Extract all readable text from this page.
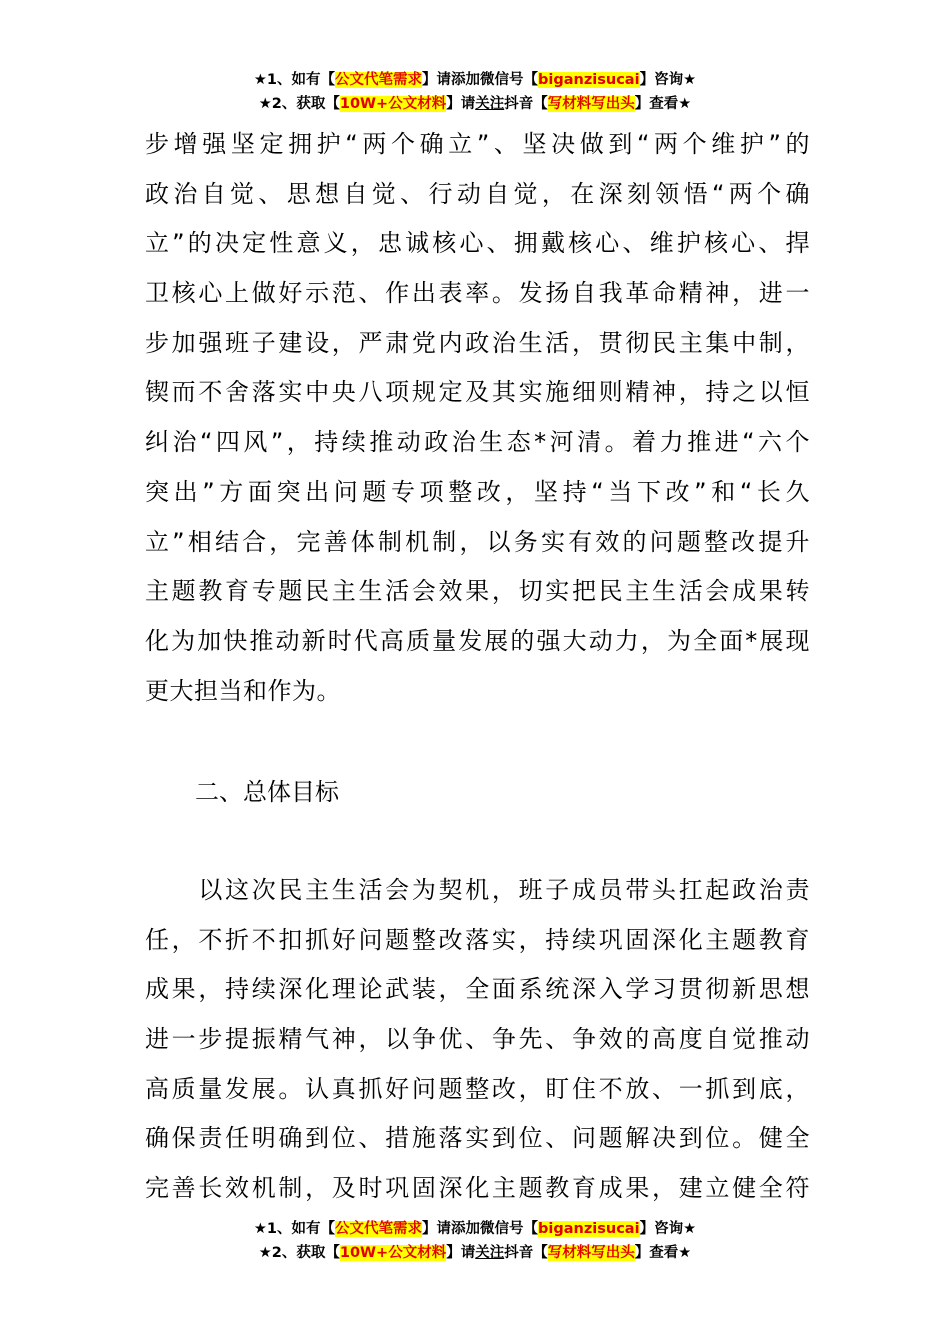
★1、如有【公文代笔需求】请添加微信号【biganzisucai】咨询★
★2、获取【10W+公文材料】请关注抖音【写材料写出头】查看★
步增强坚定拥护“两个确立”、坚决做到“两个维护”的
政治自觉、思想自觉、行动自觉，在深刻领悟“两个确
立”的决定性意义，忠诚核心、拥戴核心、维护核心、捍
卫核心上做好示范、作出表率。发扬自我革命精神，进一
步加强班子建设，严肃党内政治生活，贯彻民主集中制，
锲而不舍落实中央八项规定及其实施细则精神，持之以恒
纠治“四风”，持续推动政治生态*河清。着力推进“六个
突出”方面突出问题专项整改，坚持“当下改”和“长久
立”相结合，完善体制机制，以务实有效的问题整改提升
主题教育专题民主生活会效果，切实把民主生活会成果转
化为加快推动新时代高质量发展的强大动力，为全面*展现
更大担当和作为。
二、总体目标
　　以这次民主生活会为契机，班子成员带头扛起政治责
任，不折不扣抓好问题整改落实，持续巩固深化主题教育
成果，持续深化理论武装，全面系统深入学习贯彻新思想
进一步提振精气神，以争优、争先、争效的高度自觉推动
高质量发展。认真抓好问题整改，盯住不放、一抓到底，
确保责任明确到位、措施落实到位、问题解决到位。健全
完善长效机制，及时巩固深化主题教育成果，建立健全符
★1、如有【公文代笔需求】请添加微信号【biganzisucai】咨询★
★2、获取【10W+公文材料】请关注抖音【写材料写出头】查看★
